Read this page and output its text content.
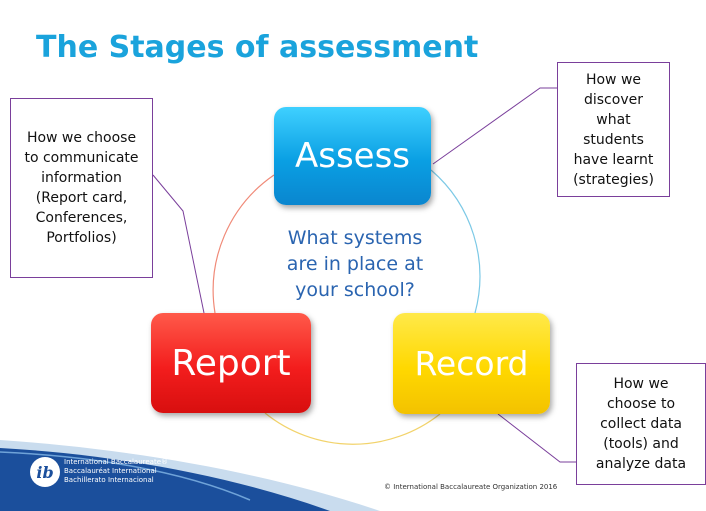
The Stages of assessment
Assess
Report	Record
What systems
are in place at
your school?
How we choose
to communicate
information
(Report card,
Conferences,
Portfolios)
How we
discover
what
students
have learnt
(strategies)
How we
choose to
collect data
(tools) and
analyze data
ib
International Baccalaureate®
Baccalauréat International
Bachillerato Internacional
© International Baccalaureate Organization 2016
